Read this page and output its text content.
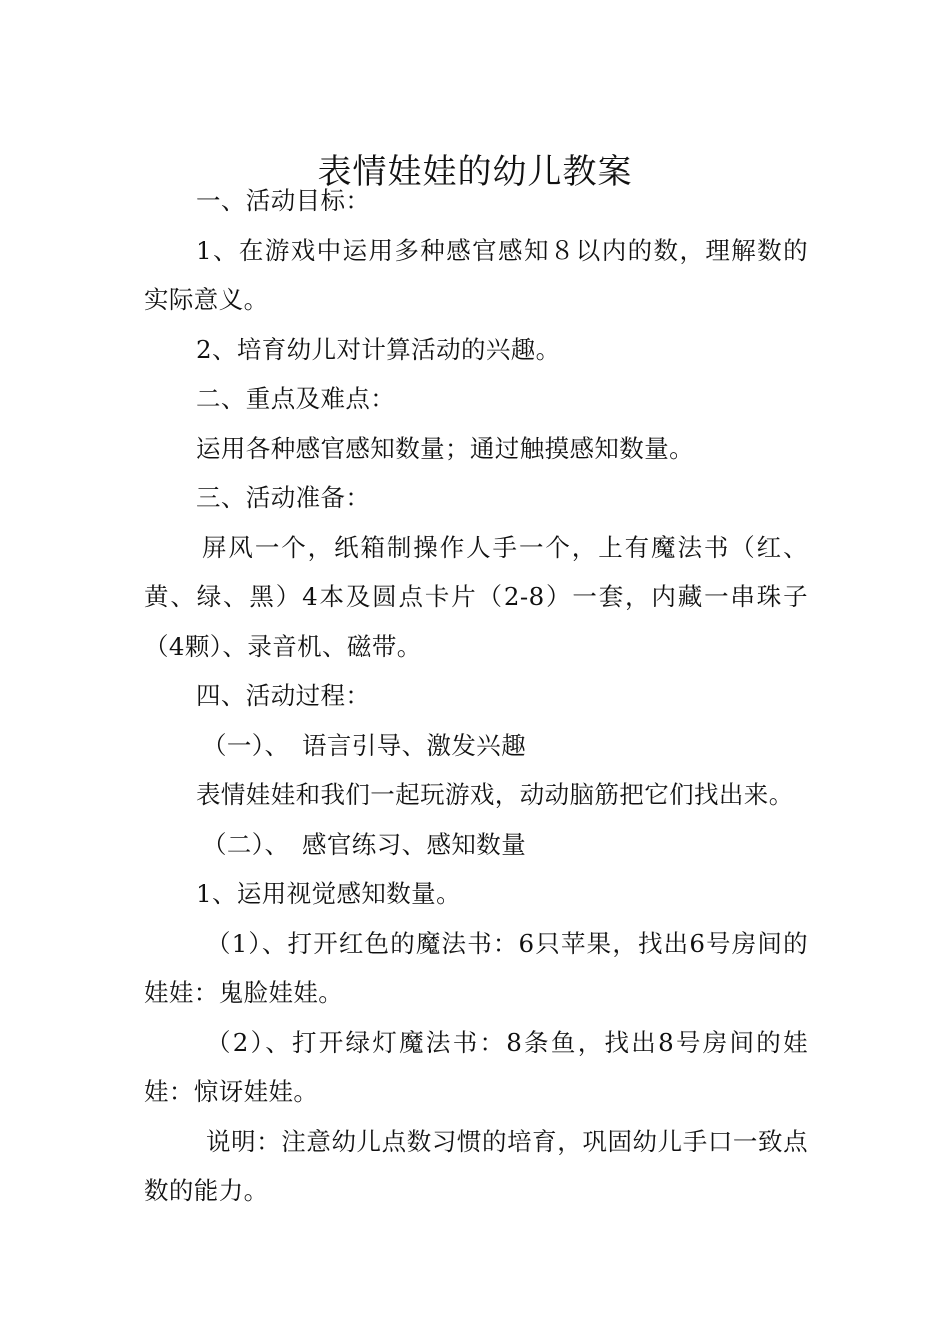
表情娃娃的幼儿教案

一、活动目标：

1、在游戏中运用多种感官感知８以内的数，理解数的实际意义。

2、培育幼儿对计算活动的兴趣。

二、重点及难点：

运用各种感官感知数量；通过触摸感知数量。

三、活动准备：

屏风一个，纸箱制操作人手一个，上有魔法书（红、黄、绿、黑）4本及圆点卡片（2-8）一套，内藏一串珠子（4颗）、录音机、磁带。

四、活动过程：

（一）、　语言引导、激发兴趣

表情娃娃和我们一起玩游戏，动动脑筋把它们找出来。

（二）、　感官练习、感知数量

1、运用视觉感知数量。

（1）、打开红色的魔法书：6只苹果，找出6号房间的娃娃：鬼脸娃娃。

（2）、打开绿灯魔法书：8条鱼，找出8号房间的娃娃：惊讶娃娃。

说明：注意幼儿点数习惯的培育，巩固幼儿手口一致点数的能力。
